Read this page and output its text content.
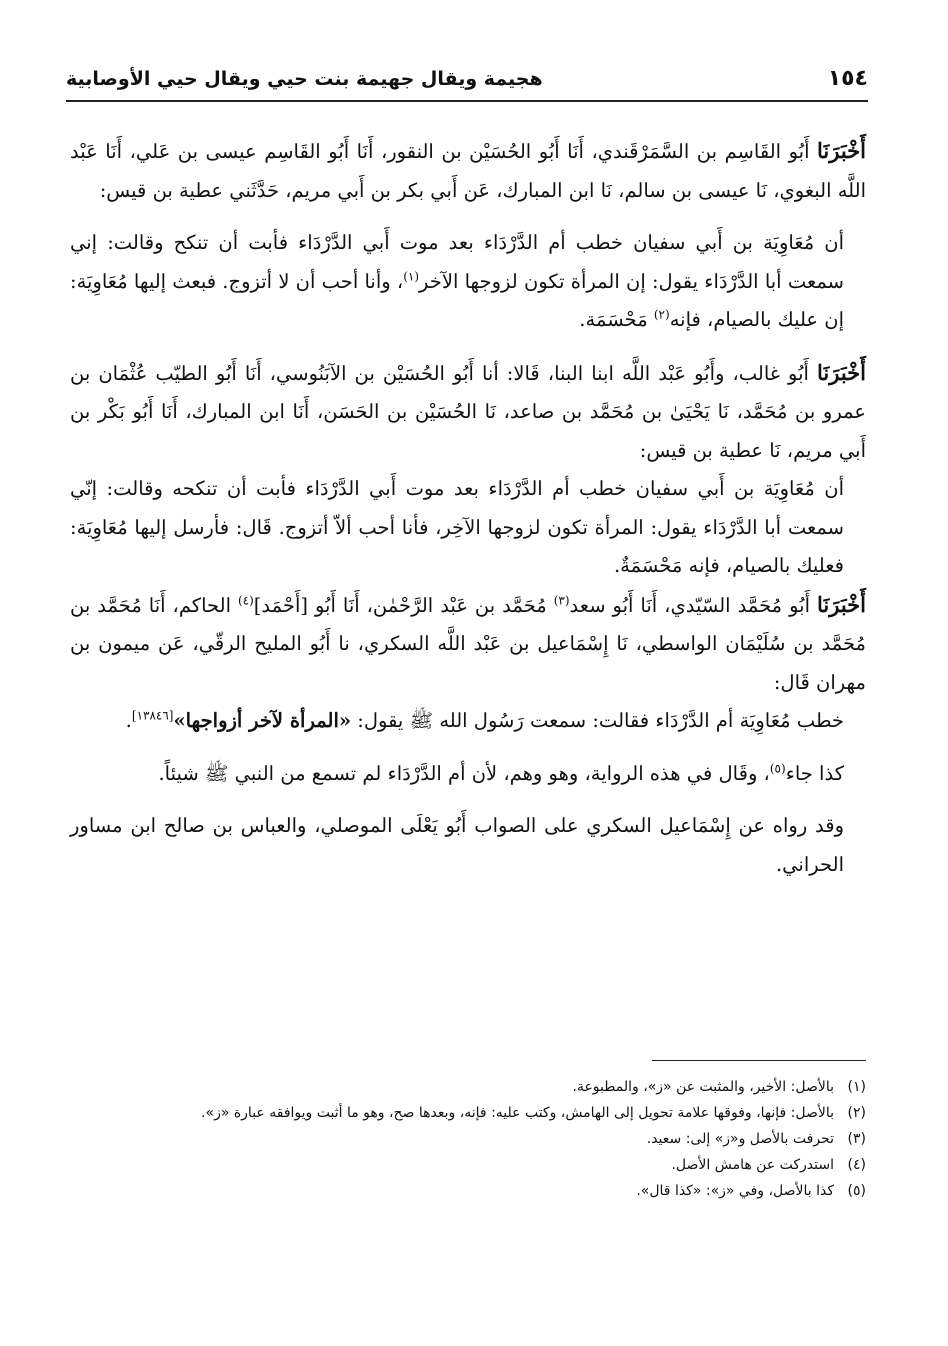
١٥٤
هجيمة ويقال جهيمة بنت حيي ويقال حيي الأوصابية

أَخْبَرَنَا أَبُو القَاسِم بن السَّمَرْقَندي، أَنَا أَبُو الحُسَيْن بن النقور، أَنَا أَبُو القَاسِم عيسى بن عَلي، أَنَا عَبْد اللَّه البغوي، نَا عيسى بن سالم، نَا ابن المبارك، عَن أَبي بكر بن أَبي مريم، حَدَّثَني عطية بن قيس:

أن مُعَاوِيَة بن أَبي سفيان خطب أم الدَّرْدَاء بعد موت أَبي الدَّرْدَاء فأبت أن تنكح وقالت: إني سمعت أبا الدَّرْدَاء يقول: إن المرأة تكون لزوجها الآخر$^{(١)}$، وأنا أحب أن لا أتزوج. فبعث إليها مُعَاوِيَة: إن عليك بالصيام، فإنه$^{(٢)}$ مَحْسَمَة.

أَخْبَرَنَا أَبُو غالب، وأَبُو عَبْد اللَّه ابنا البنا، قَالا: أنا أَبُو الحُسَيْن بن الآبَنُوسي، أَنَا أَبُو الطيّب عُثْمَان بن عمرو بن مُحَمَّد، نَا يَحْيَىٰ بن مُحَمَّد بن صاعد، نَا الحُسَيْن بن الحَسَن، أَنَا ابن المبارك، أَنَا أَبُو بَكْر بن أَبي مريم، نَا عطية بن قيس:

أن مُعَاوِيَة بن أَبي سفيان خطب أم الدَّرْدَاء بعد موت أَبي الدَّرْدَاء فأبت أن تنكحه وقالت: إنّي سمعت أبا الدَّرْدَاء يقول: المرأة تكون لزوجها الآخِر، فأنا أحب ألاّ أتزوج. قَال: فأرسل إليها مُعَاوِيَة: فعليك بالصيام، فإنه مَحْسَمَةٌ.

أَخْبَرَنَا أَبُو مُحَمَّد السّيّدي، أَنَا أَبُو سعد$^{(٣)}$ مُحَمَّد بن عَبْد الرَّحْمٰن، أَنَا أَبُو [أَحْمَد]$^{(٤)}$ الحاكم، أَنَا مُحَمَّد بن مُحَمَّد بن سُلَيْمَان الواسطي، نَا إِسْمَاعيل بن عَبْد اللَّه السكري، نا أَبُو المليح الرقّي، عَن ميمون بن مهران قَال:

خطب مُعَاوِيَة أم الدَّرْدَاء فقالت: سمعت رَسُول الله ﷺ يقول: «المرأة لآخر أزواجها»[١٣٨٤٦].

كذا جاء$^{(٥)}$، وقَال في هذه الرواية، وهو وهم، لأن أم الدَّرْدَاء لم تسمع من النبي ﷺ شيئاً.

وقد رواه عن إِسْمَاعيل السكري على الصواب أَبُو يَعْلَى الموصلي، والعباس بن صالح ابن مساور الحراني.

(١)
بالأصل: الأخير، والمثبت عن «ز»، والمطبوعة.
(٢)
بالأصل: فإنها، وفوقها علامة تحويل إلى الهامش، وكتب عليه: فإنه، وبعدها صح، وهو ما أثبت ويوافقه عبارة «ز».
(٣)
تحرفت بالأصل و«ز» إلى: سعيد.
(٤)
استدركت عن هامش الأصل.
(٥)
كذا بالأصل، وفي «ز»: «كذا قال».
